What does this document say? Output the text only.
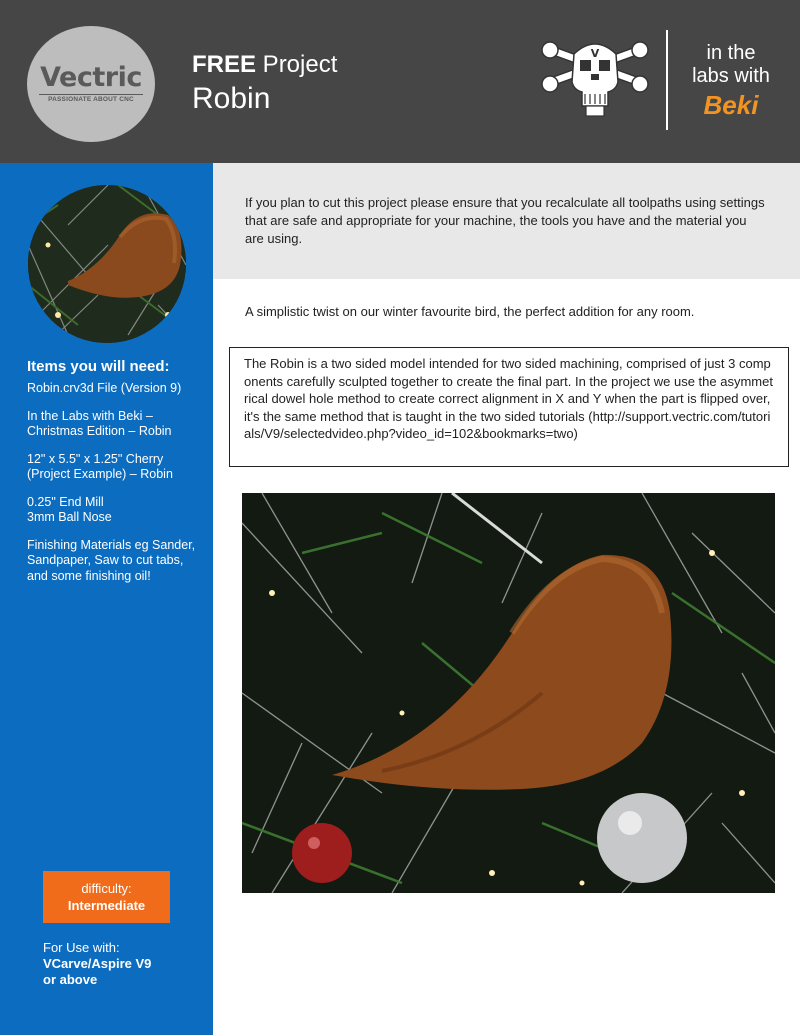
Vectric
PASSIONATE ABOUT CNC
FREE Project
Robin
V	in the
labs with
Beki
Items you will need:
Robin.crv3d File (Version 9)
In the Labs with Beki – Christmas Edition – Robin
12" x 5.5" x 1.25" Cherry (Project Example) – Robin
0.25" End Mill
3mm Ball Nose
Finishing Materials eg Sander, Sandpaper, Saw to cut tabs, and some finishing oil!
difficulty:
Intermediate
For Use with:
VCarve/Aspire V9
or above
If you plan to cut this project please ensure that you recalculate all toolpaths using settings that are safe and appropriate for your machine, the tools you have and the material you are using.
A simplistic twist on our winter favourite bird, the perfect addition for any room.
The Robin is a two sided model intended for two sided machining, comprised of just 3 components carefully sculpted together to create the final part. In the project we use the asymmetrical dowel hole method to create correct alignment in X and Y when the part is flipped over, it's the same method that is taught in the two sided tutorials (http://support.vectric.com/tutorials/V9/selectedvideo.php?video_id=102&bookmarks=two)
